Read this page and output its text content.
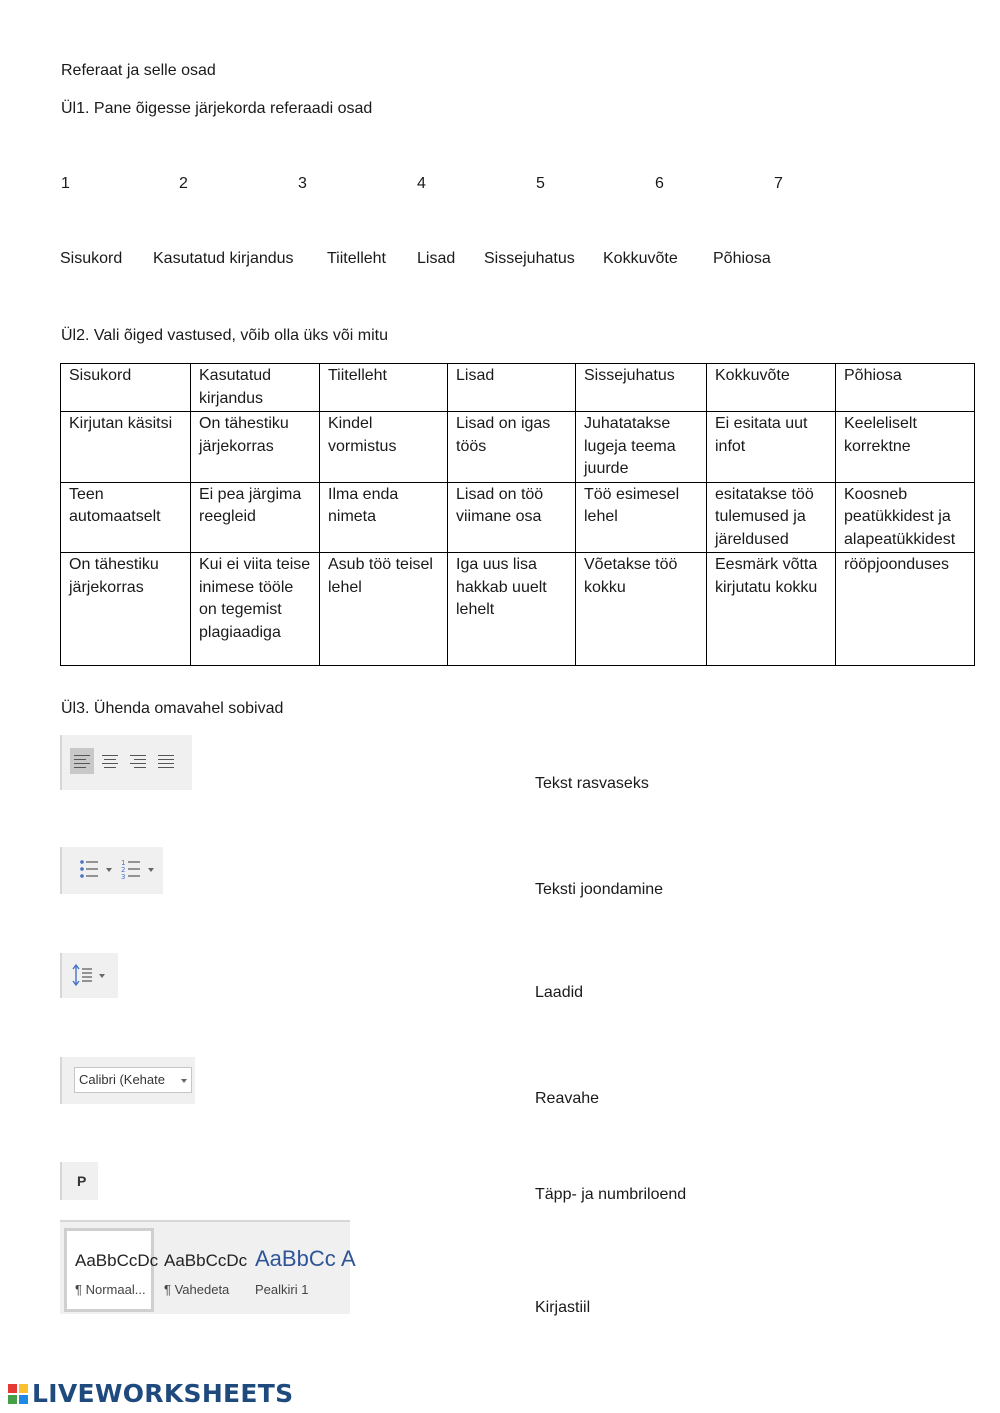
Referaat ja selle osad
Ül1. Pane õigesse järjekorda referaadi osad
1	2	3	4	5	6	7
Sisukord Kasutatud kirjandus Tiitelleht Lisad Sissejuhatus Kokkuvõte Põhiosa
Ül2. Vali õiged vastused, võib olla üks või mitu
Sisukord	Kasutatud kirjandus	Tiitelleht	Lisad	Sissejuhatus	Kokkuvõte	Põhiosa
Kirjutan käsitsi	On tähestiku järjekorras	Kindel vormistus	Lisad on igas töös	Juhatatakse lugeja teema juurde	Ei esitata uut infot	Keeleliselt korrektne
Teen automaatselt	Ei pea järgima reegleid	Ilma enda nimeta	Lisad on töö viimane osa	Töö esimesel lehel	esitatakse töö tulemused ja järeldused	Koosneb peatükkidest ja alapeatükkidest
On tähestiku järjekorras	Kui ei viita teise inimese tööle on tegemist plagiaadiga	Asub töö teisel lehel	Iga uus lisa hakkab uuelt lehelt	Võetakse töö kokku	Eesmärk võtta kirjutatu kokku	rööpjoonduses
Ül3. Ühenda omavahel sobivad
1
2
3
Calibri (Kehate
P
AaBbCcDc
¶ Normaal...
AaBbCcDc
¶ Vahedeta
AaBbCc
Pealkiri 1
A
Tekst rasvaseks
Teksti joondamine
Laadid
Reavahe
Täpp- ja numbriloend
Kirjastiil
LIVEWORKSHEETS
